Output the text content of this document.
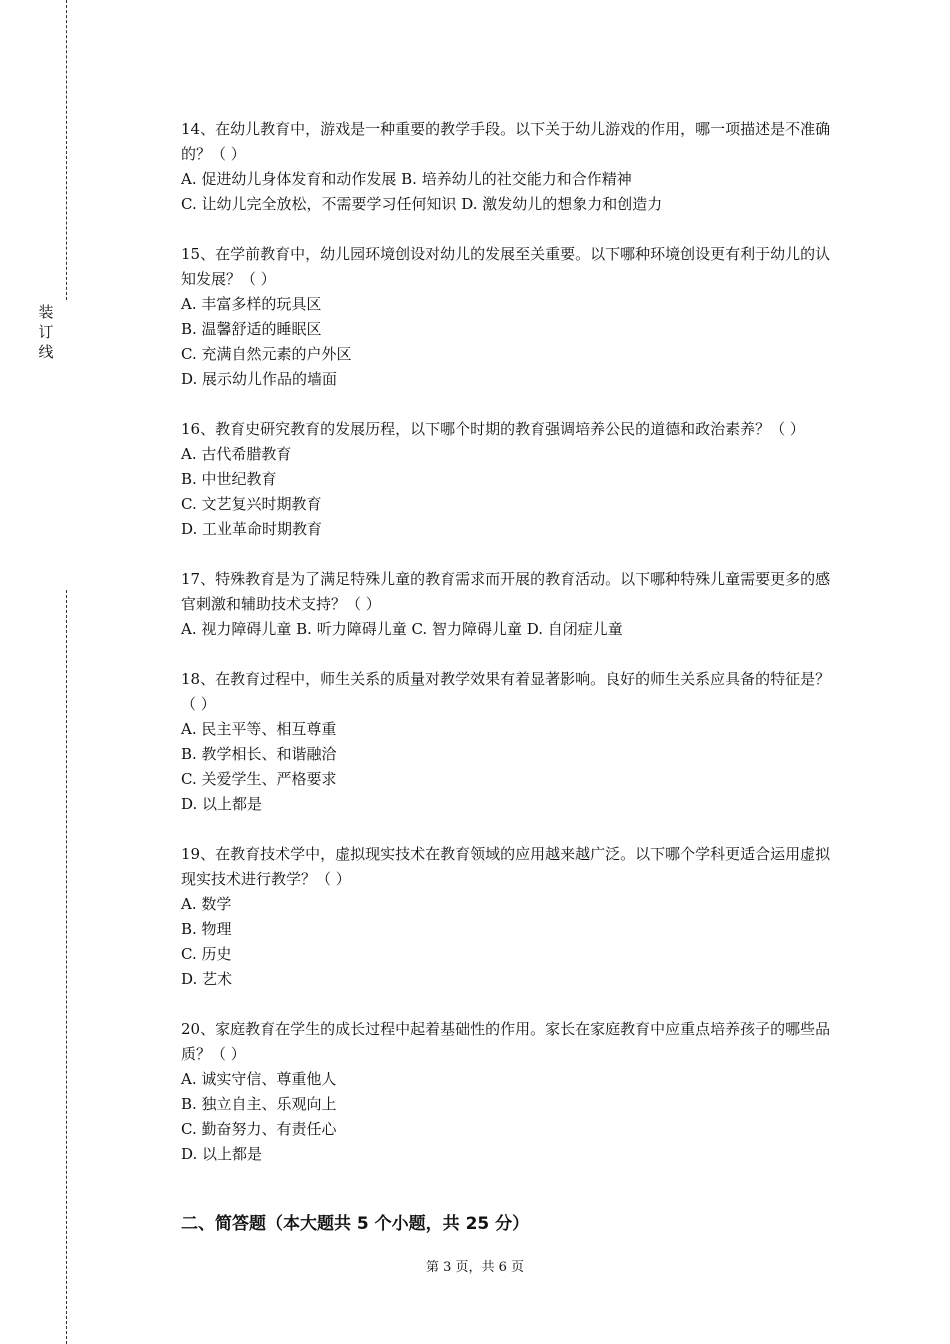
装
订
线

14、在幼儿教育中，游戏是一种重要的教学手段。以下关于幼儿游戏的作用，哪一项描述是不准确的？（ ）

A. 促进幼儿身体发育和动作发展 B. 培养幼儿的社交能力和合作精神

C. 让幼儿完全放松，不需要学习任何知识 D. 激发幼儿的想象力和创造力

15、在学前教育中，幼儿园环境创设对幼儿的发展至关重要。以下哪种环境创设更有利于幼儿的认知发展？（ ）

A. 丰富多样的玩具区

B. 温馨舒适的睡眠区

C. 充满自然元素的户外区

D. 展示幼儿作品的墙面

16、教育史研究教育的发展历程，以下哪个时期的教育强调培养公民的道德和政治素养？（ ）

A. 古代希腊教育

B. 中世纪教育

C. 文艺复兴时期教育

D. 工业革命时期教育

17、特殊教育是为了满足特殊儿童的教育需求而开展的教育活动。以下哪种特殊儿童需要更多的感官刺激和辅助技术支持？（ ）

A. 视力障碍儿童 B. 听力障碍儿童 C. 智力障碍儿童 D. 自闭症儿童

18、在教育过程中，师生关系的质量对教学效果有着显著影响。良好的师生关系应具备的特征是？（ ）

A. 民主平等、相互尊重

B. 教学相长、和谐融洽

C. 关爱学生、严格要求

D. 以上都是

19、在教育技术学中，虚拟现实技术在教育领域的应用越来越广泛。以下哪个学科更适合运用虚拟现实技术进行教学？（ ）

A. 数学

B. 物理

C. 历史

D. 艺术

20、家庭教育在学生的成长过程中起着基础性的作用。家长在家庭教育中应重点培养孩子的哪些品质？（ ）

A. 诚实守信、尊重他人

B. 独立自主、乐观向上

C. 勤奋努力、有责任心

D. 以上都是

二、简答题（本大题共 5 个小题，共 25 分）
第 3 页，共 6 页
